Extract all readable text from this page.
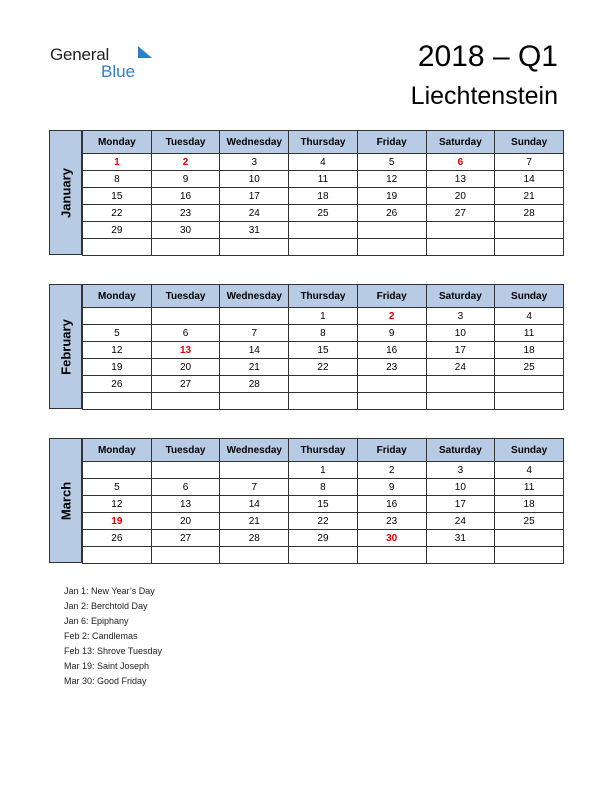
General
Blue	2018 – Q1
Liechtenstein
January
Monday	Tuesday	Wednesday	Thursday	Friday	Saturday	Sunday
1	2	3	4	5	6	7
8	9	10	11	12	13	14
15	16	17	18	19	20	21
22	23	24	25	26	27	28
29	30	31				

February
Monday	Tuesday	Wednesday	Thursday	Friday	Saturday	Sunday
			1	2	3	4
5	6	7	8	9	10	11
12	13	14	15	16	17	18
19	20	21	22	23	24	25
26	27	28				

March
Monday	Tuesday	Wednesday	Thursday	Friday	Saturday	Sunday
			1	2	3	4
5	6	7	8	9	10	11
12	13	14	15	16	17	18
19	20	21	22	23	24	25
26	27	28	29	30	31	

Jan 1: New Year’s Day
Jan 2: Berchtold Day
Jan 6: Epiphany
Feb 2: Candlemas
Feb 13: Shrove Tuesday
Mar 19: Saint Joseph
Mar 30: Good Friday
